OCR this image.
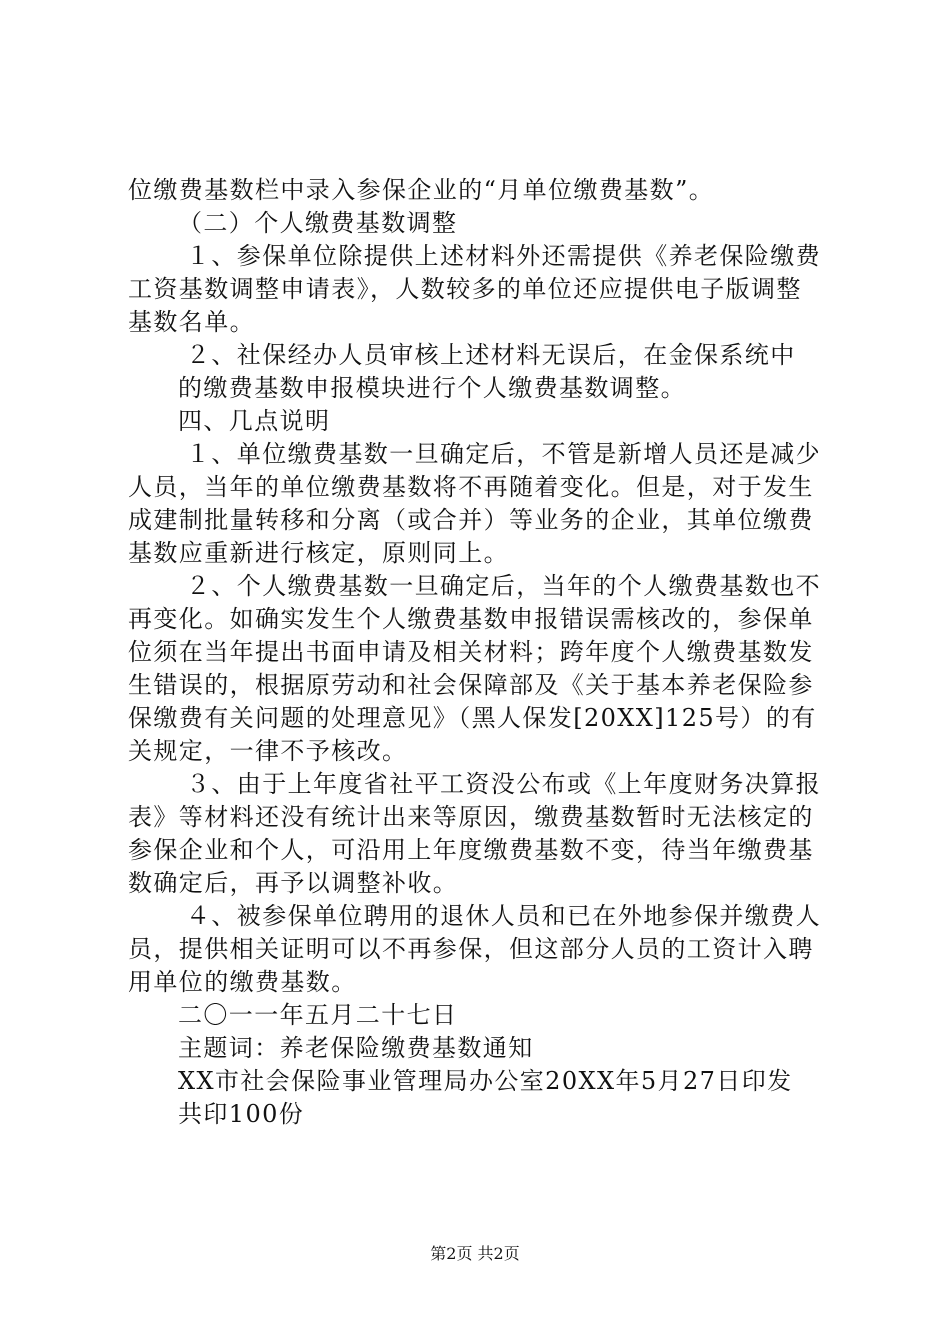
位缴费基数栏中录入参保企业的“月单位缴费基数”。
（二）个人缴费基数调整
１、参保单位除提供上述材料外还需提供《养老保险缴费
工资基数调整申请表》，人数较多的单位还应提供电子版调整
基数名单。
２、社保经办人员审核上述材料无误后，在金保系统中
的缴费基数申报模块进行个人缴费基数调整。
四、几点说明
１、单位缴费基数一旦确定后，不管是新增人员还是减少
人员，当年的单位缴费基数将不再随着变化。但是，对于发生
成建制批量转移和分离（或合并）等业务的企业，其单位缴费
基数应重新进行核定，原则同上。
２、个人缴费基数一旦确定后，当年的个人缴费基数也不
再变化。如确实发生个人缴费基数申报错误需核改的，参保单
位须在当年提出书面申请及相关材料；跨年度个人缴费基数发
生错误的，根据原劳动和社会保障部及《关于基本养老保险参
保缴费有关问题的处理意见》（黑人保发[20XX]125号）的有
关规定，一律不予核改。
３、由于上年度省社平工资没公布或《上年度财务决算报
表》等材料还没有统计出来等原因，缴费基数暂时无法核定的
参保企业和个人，可沿用上年度缴费基数不变，待当年缴费基
数确定后，再予以调整补收。
４、被参保单位聘用的退休人员和已在外地参保并缴费人
员，提供相关证明可以不再参保，但这部分人员的工资计入聘
用单位的缴费基数。
二〇一一年五月二十七日
主题词：养老保险缴费基数通知
XX市社会保险事业管理局办公室20XX年5月27日印发
共印100份
第2页 共2页
